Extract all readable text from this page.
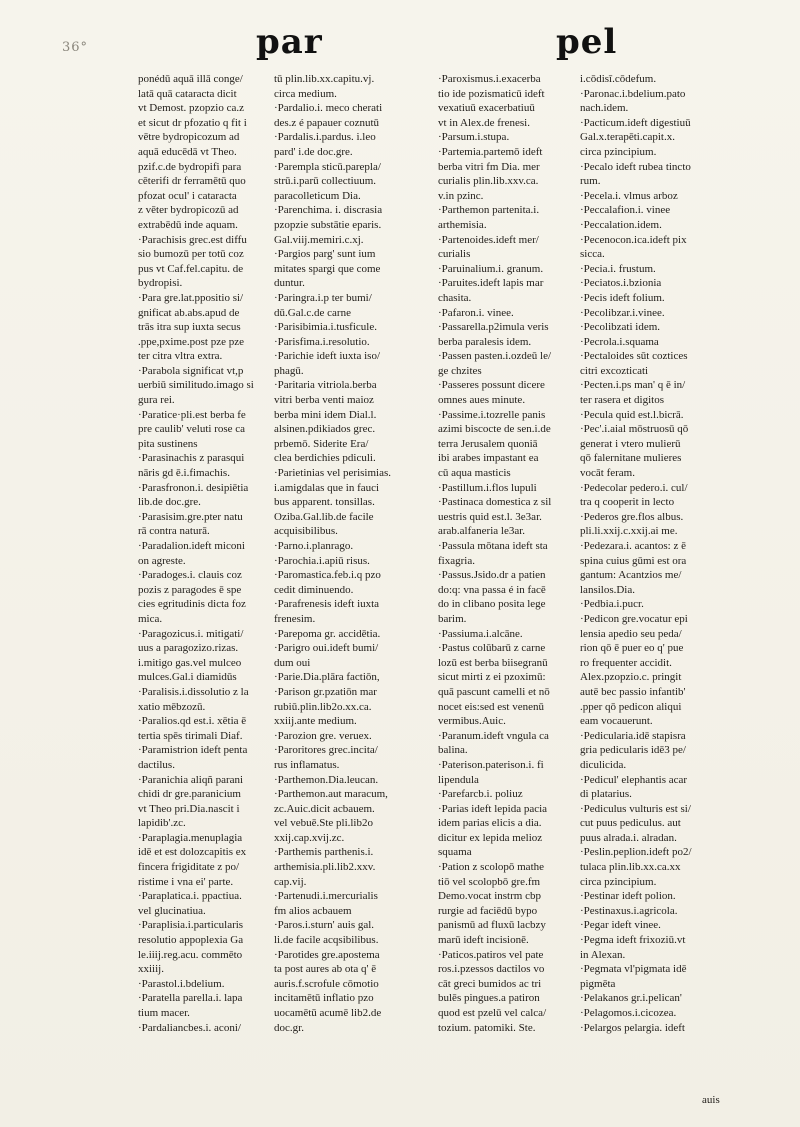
36°	par	pel
ponédū aquā illā conge/
latā quā cataracta dicit
vt Demost. pzopzio ca.z
et sicut dr pfozatio q fit i
vētre bydropicozum ad
aquā educēdā vt Theo.
pzif.c.de bydropifi para
cēterifi dr ferramētū quo
pfozat ocul' i cataracta
z vēter bydropicozū ad
extrabēdū inde aquam.
·Parachisis grec.est diffu
sio bumozū per totū coz
pus vt Caf.fel.capitu. de
bydropisi.
·Para gre.lat.ppositio si/
gnificat ab.abs.apud de
trās itra sup iuxta secus
.ppe,pxime.post pze pze
ter citra vltra extra.
·Parabola significat vt,p
uerbiū similitudo.imago si
gura rei.
·Paratice·pli.est berba fe
pre caulib' veluti rose ca
pita sustinens
·Parasinachis z parasqui
nāris gd ē.i.fimachis.
·Parasfronon.i. desipiētia
lib.de doc.gre.
·Parasisim.gre.pter natu
rā contra naturā.
·Paradalion.ideft miconi
on agreste.
·Paradoges.i. clauis coz
pozis z paragodes ē spe
cies egritudinis dicta foz
mica.
·Paragozicus.i. mitigati/
uus a paragozizo.rizas.
i.mitigo gas.vel mulceo
mulces.Gal.i diamidūs
·Paralisis.i.dissolutio z la
xatio mēbzozū.
·Paralios.qd est.i. xētia ē
tertia spēs tirimali Diaf.
·Paramistrion ideft penta
dactilus.
·Paranichia aliqñ parani
chidi dr gre.paranicium
vt Theo pri.Dia.nascit i
lapidib'.zc.
·Paraplagia.menuplagia
idē et est dolozcapitis ex
fincera frigiditate z po/
ristime i vna ei' parte.
·Paraplatica.i. ppactiua.
vel glucinatiua.
·Paraplisia.i.particularis
resolutio appoplexia Ga
le.iiij.reg.acu. commēto
xxiiij.
·Parastol.i.bdelium.
·Paratella parella.i. lapa
tium macer.
·Pardaliancbes.i. aconi/
tū plin.lib.xx.capitu.vj.
circa medium.
·Pardalio.i. meco cherati
des.z é papauer coznutū
·Pardalis.i.pardus. i.leo
pard' i.de doc.gre.
·Parempla sticū.parepla/
strū.i.parū collectiuum.
paracolleticum Dia.
·Parenchima. i. discrasia
pzopzie substātie eparis.
Gal.viij.memiri.c.xj.
·Pargios parg' sunt ium
mitates spargi que come
duntur.
·Paringra.i.p ter bumi/
dū.Gal.c.de carne
·Parisibimia.i.tusficule.
·Parisfima.i.resolutio.
·Parichie ideft iuxta iso/
phagū.
·Paritaria vitriola.berba
vitri berba venti maioz
berba mini idem Dial.l.
alsinen.pdikiados grec.
prbemō. Siderite Era/
clea berdichies pdiculi.
·Parietinias vel perisimias.
i.amigdalas que in fauci
bus apparent. tonsillas.
Oziba.Gal.lib.de facile
acquisibilibus.
·Parno.i.planrago.
·Parochia.i.apiū risus.
·Paromastica.feb.i.q pzo
cedit diminuendo.
·Parafrenesis ideft iuxta
frenesim.
·Parepoma gr. accidētia.
·Parigro oui.ideft bumi/
dum oui
·Parie.Dia.plāra factiōn,
·Parison gr.pzatiōn mar
rubiū.plin.lib2o.xx.ca.
xxiij.ante medium.
·Parozion gre. veruex.
·Paroritores grec.incita/
rus inflamatus.
·Parthemon.Dia.leucan.
·Parthemon.aut maracum,
zc.Auic.dicit acbauem.
vel vebuē.Ste pli.lib2o
xxij.cap.xvij.zc.
·Parthemis parthenis.i.
arthemisia.pli.lib2.xxv.
cap.vij.
·Partenudi.i.mercurialis
fm alios acbauem
·Paros.i.sturn' auis gal.
li.de facile acqsibilibus.
·Parotides gre.apostema
ta post aures ab ota q' ē
auris.f.scrofule cōmotio
incitamētū inflatio pzo
uocamētū acumē lib2.de
doc.gr.
·Paroxismus.i.exacerba
tio ide pozismaticū ideft
vexatiuū exacerbatiuū
vt in Alex.de frenesi.
·Parsum.i.stupa.
·Partemia.partemō ideft
berba vitri fm Dia. mer
curialis plin.lib.xxv.ca.
v.in pzinc.
·Parthemon partenita.i.
arthemisia.
·Partenoides.ideft mer/
curialis
·Paruinalium.i. granum.
·Paruites.ideft lapis mar
chasita.
·Pafaron.i. vinee.
·Passarella.p2imula veris
berba paralesis idem.
·Passen pasten.i.ozdeū le/
ge chzites
·Passeres possunt dicere
omnes aues minute.
·Passime.i.tozrelle panis
azimi biscocte de sen.i.de
terra Jerusalem quoniā
ibi arabes impastant ea
cū aqua masticis
·Pastillum.i.flos lupuli
·Pastinaca domestica z sil
uestris quid est.l. 3e3ar.
arab.alfaneria le3ar.
·Passula mōtana ideft sta
fixagria.
·Passus.Jsido.dr a patien
do:q: vna passa é in facē
do in clibano posita lege
barim.
·Passiuma.i.alcāne.
·Pastus colūbarū z carne
lozū est berba biisegranū
sicut mirti z ei pzoximū:
quā pascunt camelli et nō
nocet eis:sed est venenū
vermibus.Auic.
·Paranum.ideft vngula ca
balina.
·Paterison.paterison.i. fi
lipendula
·Parefarcb.i. poliuz
·Parias ideft lepida pacia
idem parias elicis a dia.
dicitur ex lepida melioz
squama
·Pation z scolopō mathe
tiō vel scolopbō gre.fm
Demo.vocat instrm cbp
rurgie ad faciēdū bypo
panismū ad fluxū lacbzy
marū ideft incisionē.
·Paticos.patiros vel pate
ros.i.pzessos dactilos vo
cāt greci bumidos ac tri
bulēs pingues.a patiron
quod est pzelū vel calca/
tozium. patomiki. Ste.
i.cōdisī.cōdefum.
·Paronac.i.bdelium.pato
nach.idem.
·Pacticum.ideft digestiuū
Gal.x.terapēti.capit.x.
circa pzincipium.
·Pecalo ideft rubea tincto
rum.
·Pecela.i. vlmus arboz
·Peccalafion.i. vinee
·Peccalation.idem.
·Pecenocon.ica.ideft pix
sicca.
·Pecia.i. frustum.
·Peciatos.i.bzionia
·Pecis ideft folium.
·Pecolibzar.i.vinee.
·Pecolibzati idem.
·Pecrola.i.squama
·Pectaloides sūt coztices
citri excozticati
·Pecten.i.ps man' q ē in/
ter rasera et digitos
·Pecula quid est.l.bicrā.
·Pec'.i.aial mōstruosū qō
generat i vtero mulierū
qō falernitane mulieres
vocāt feram.
·Pedecolar pedero.i. cul/
tra q cooperit in lecto
·Pederos gre.flos albus.
pli.li.xxij.c.xxij.ai me.
·Pedezara.i. acantos: z ē
spina cuius gūmi est ora
gantum: Acantzios me/
lansilos.Dia.
·Pedbia.i.pucr.
·Pedicon gre.vocatur epi
lensia apedio seu peda/
rion qō ē puer eo q' pue
ro frequenter accidit.
Alex.pzopzio.c. pringit
autē bec passio infantib'
.pper qō pedicon aliqui
eam vocauerunt.
·Pedicularia.idē stapisra
gria pedicularis idē3 pe/
diculicida.
·Pedicul' elephantis acar
di platarius.
·Pediculus vulturis est si/
cut puus pediculus. aut
puus alrada.i. alradan.
·Peslin.peplion.ideft po2/
tulaca plin.lib.xx.ca.xx
circa pzincipium.
·Pestinar ideft polion.
·Pestinaxus.i.agricola.
·Pegar ideft vinee.
·Pegma ideft frixoziū.vt
in Alexan.
·Pegmata vl'pigmata idē
pigmēta
·Pelakanos gr.i.pelican'
·Pelagomos.i.cicozea.
·Pelargos pelargia. ideft
auis
